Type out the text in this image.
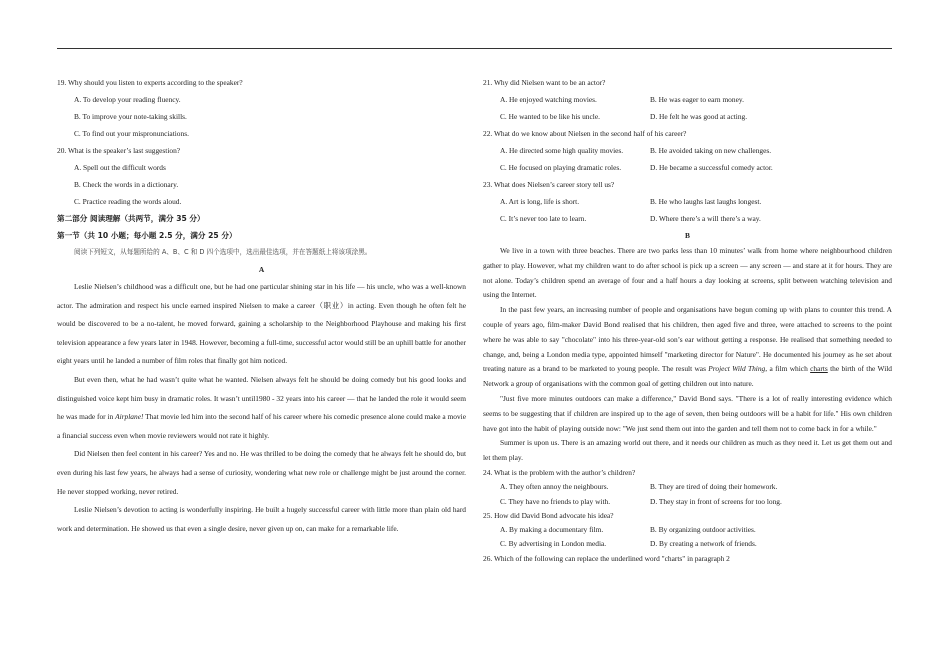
19. Why should you listen to experts according to the speaker?

A. To develop your reading fluency.

B. To improve your note-taking skills.

C. To find out your mispronunciations.

20. What is the speaker’s last suggestion?

A. Spell out the difficult words

B. Check the words in a dictionary.

C. Practice reading the words aloud.

第二部分 阅读理解（共两节，满分 35 分）

第一节（共 10 小题；每小题 2.5 分，满分 25 分）

阅读下列短文，从每题所给的 A、B、C 和 D 四个选项中，选出最佳选项，并在答题纸上将该项涂黑。

A

Leslie Nielsen’s childhood was a difficult one, but he had one particular shining star in his life — his uncle, who was a well-known actor. The admiration and respect his uncle earned inspired Nielsen to make a career（职业）in acting. Even though he often felt he would be discovered to be a no-talent, he moved forward, gaining a scholarship to the Neighborhood Playhouse and making his first television appearance a few years later in 1948. However, becoming a full-time, successful actor would still be an uphill battle for another eight years until he landed a number of film roles that finally got him noticed.

But even then, what he had wasn’t quite what he wanted. Nielsen always felt he should be doing comedy but his good looks and distinguished voice kept him busy in dramatic roles. It wasn’t until1980 - 32 years into his career — that he landed the role it would seem he was made for in Airplane! That movie led him into the second half of his career where his comedic presence alone could make a movie a financial success even when movie reviewers would not rate it highly.

Did Nielsen then feel content in his career? Yes and no. He was thrilled to be doing the comedy that he always felt he should do, but even during his last few years, he always had a sense of curiosity, wondering what new role or challenge might be just around the corner. He never stopped working, never retired.

Leslie Nielsen’s devotion to acting is wonderfully inspiring. He built a hugely successful career with little more than plain old hard work and determination. He showed us that even a single desire, never given up on, can make for a remarkable life.

21. Why did Nielsen want to be an actor?

A. He enjoyed watching movies.	B. He was eager to earn money.
C. He wanted to be like his uncle.	D. He felt he was good at acting.

22. What do we know about Nielsen in the second half of his career?

A. He directed some high quality movies.	B. He avoided taking on new challenges.
C. He focused on playing dramatic roles.	D. He became a successful comedy actor.

23. What does Nielsen’s career story tell us?

A. Art is long, life is short.	B. He who laughs last laughs longest.
C. It’s never too late to learn.	D. Where there’s a will there’s a way.

B

We live in a town with three beaches. There are two parks less than 10 minutes’ walk from home where neighbourhood children gather to play. However, what my children want to do after school is pick up a screen — any screen — and stare at it for hours. They are not alone. Today’s children spend an average of four and a half hours a day looking at screens, split between watching television and using the Internet.

In the past few years, an increasing number of people and organisations have begun coming up with plans to counter this trend. A couple of years ago, film-maker David Bond realised that his children, then aged five and three, were attached to screens to the point where he was able to say "chocolate" into his three-year-old son’s ear without getting a response. He realised that something needed to change, and, being a London media type, appointed himself "marketing director for Nature". He documented his journey as he set about treating nature as a brand to be marketed to young people. The result was Project Wild Thing, a film which charts the birth of the Wild Network a group of organisations with the common goal of getting children out into nature.

"Just five more minutes outdoors can make a difference," David Bond says. "There is a lot of really interesting evidence which seems to be suggesting that if children are inspired up to the age of seven, then being outdoors will be a habit for life." His own children have got into the habit of playing outside now: "We just send them out into the garden and tell them not to come back in for a while."

Summer is upon us. There is an amazing world out there, and it needs our children as much as they need it. Let us get them out and let them play.

24. What is the problem with the author’s children?

A. They often annoy the neighbours.	B. They are tired of doing their homework.
C. They have no friends to play with.	D. They stay in front of screens for too long.

25. How did David Bond advocate his idea?

A. By making a documentary film.	B. By organizing outdoor activities.
C. By advertising in London media.	D. By creating a network of friends.

26. Which of the following can replace the underlined word "charts" in paragraph 2
